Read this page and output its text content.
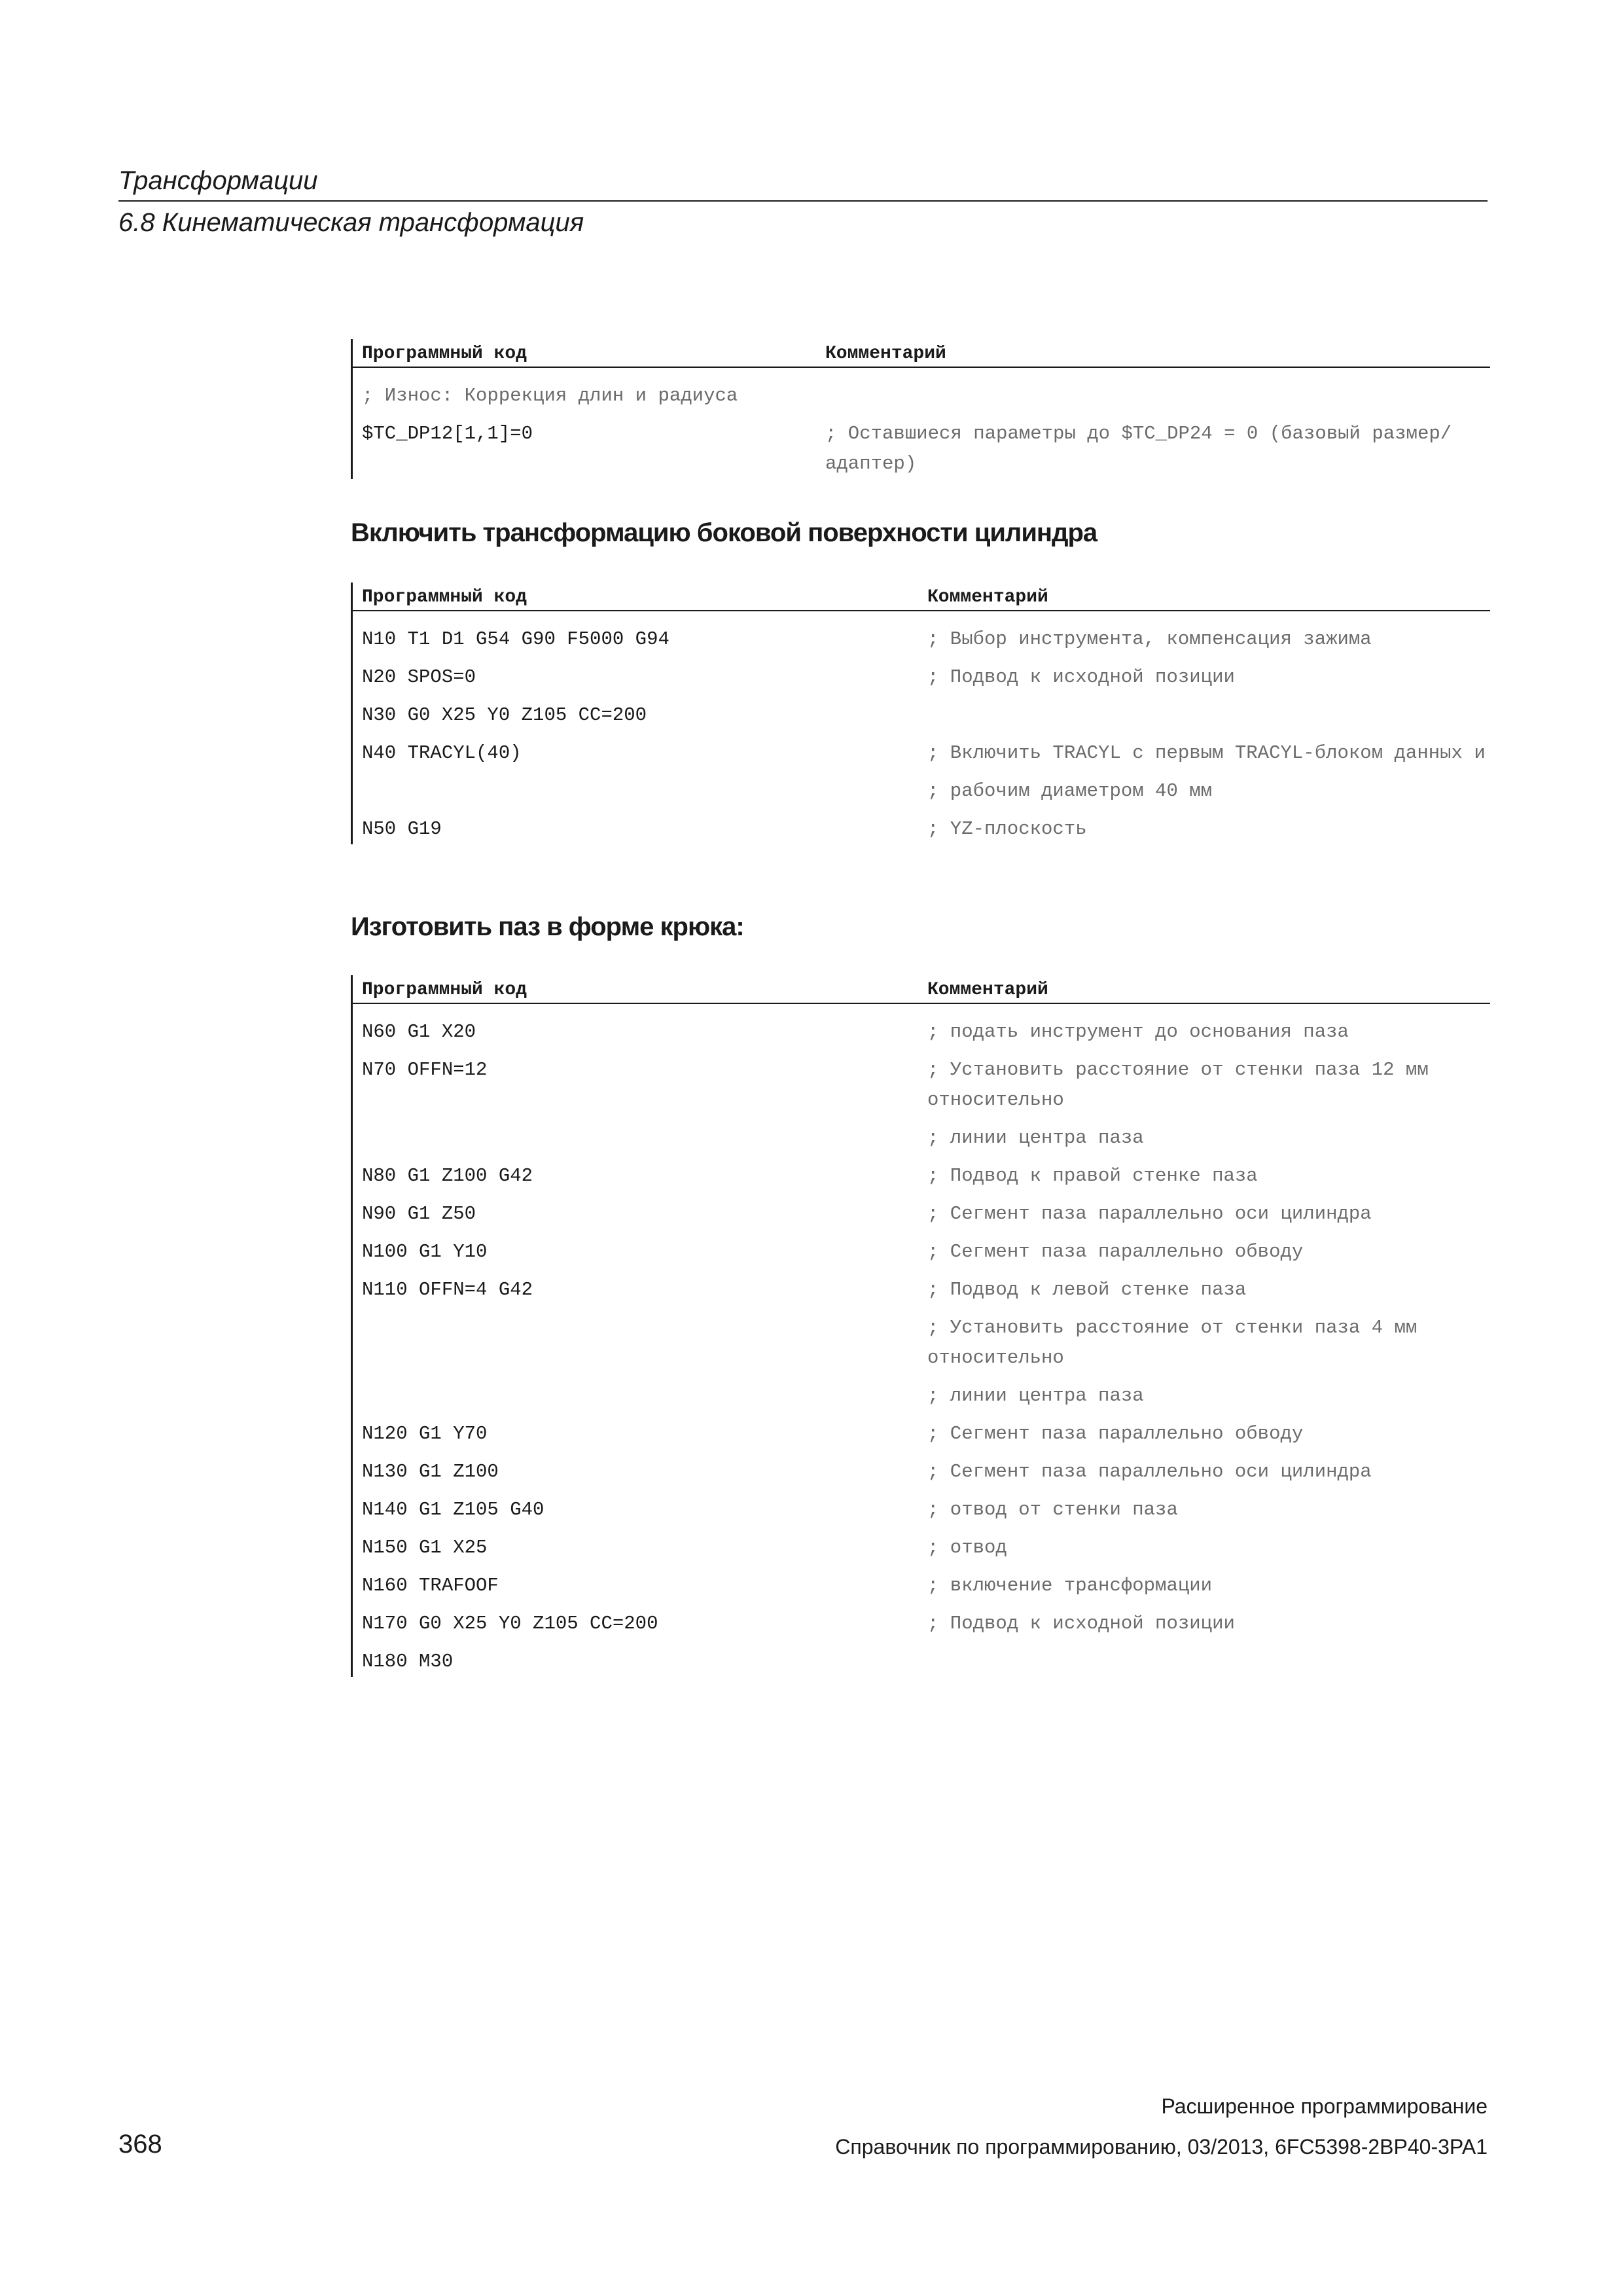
Трансформации
6.8 Кинематическая трансформация
Программный код	Комментарий
; Износ: Коррекция длин и радиуса
$TC_DP12[1,1]=0	; Оставшиеся параметры до $TC_DP24 = 0 (базовый размер/адаптер)
Включить трансформацию боковой поверхности цилиндра
Программный код	Комментарий
N10 T1 D1 G54 G90 F5000 G94	; Выбор инструмента, компенсация зажима
N20 SPOS=0	; Подвод к исходной позиции
N30 G0 X25 Y0 Z105 CC=200
N40 TRACYL(40)	; Включить TRACYL с первым TRACYL-блоком данных и
; рабочим диаметром 40 мм
N50 G19	; YZ-плоскость
Изготовить паз в форме крюка:
Программный код	Комментарий
N60 G1 X20	; подать инструмент до основания паза
N70 OFFN=12	; Установить расстояние от стенки паза 12 мм относительно
; линии центра паза
N80 G1 Z100 G42	; Подвод к правой стенке паза
N90 G1 Z50	; Сегмент паза параллельно оси цилиндра
N100 G1 Y10	; Сегмент паза параллельно обводу
N110 OFFN=4 G42	; Подвод к левой стенке паза
; Установить расстояние от стенки паза 4 мм относительно
; линии центра паза
N120 G1 Y70	; Сегмент паза параллельно обводу
N130 G1 Z100	; Сегмент паза параллельно оси цилиндра
N140 G1 Z105 G40	; отвод от стенки паза
N150 G1 X25	; отвод
N160 TRAFOOF	; включение трансформации
N170 G0 X25 Y0 Z105 CC=200	; Подвод к исходной позиции
N180 M30
Расширенное программирование
368	Справочник по программированию, 03/2013, 6FC5398-2BP40-3PA1
